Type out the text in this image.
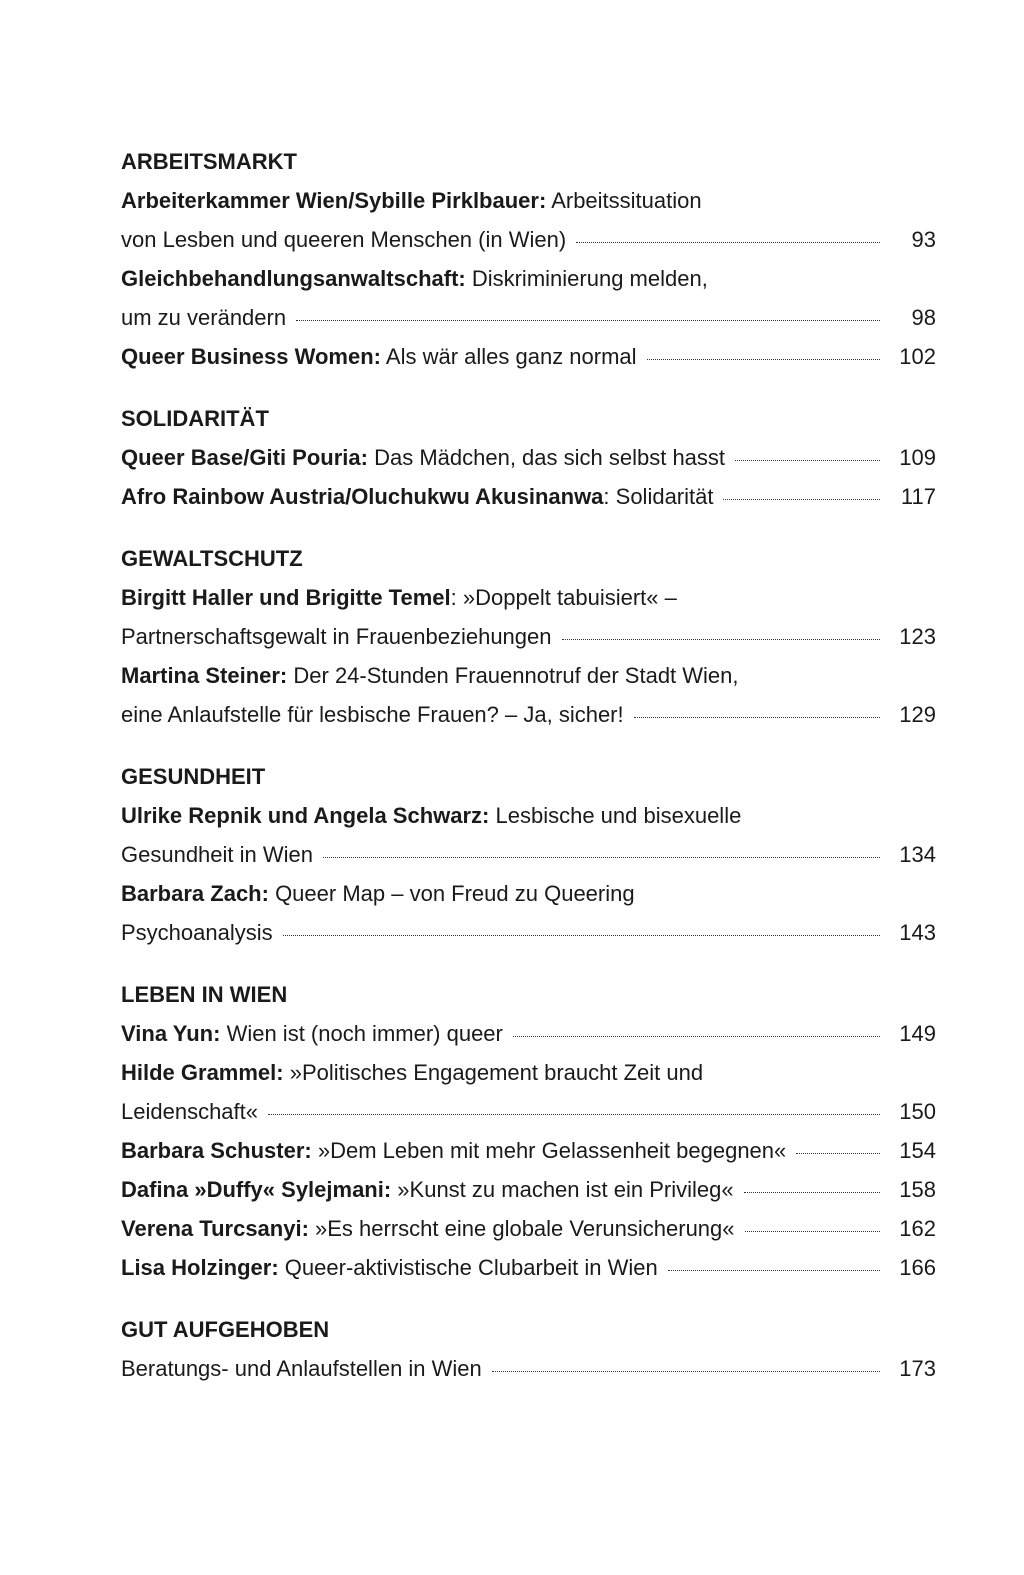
ARBEITSMARKT
Arbeiterkammer Wien/Sybille Pirklbauer: Arbeitssituation
von Lesben und queeren Menschen (in Wien)	93
Gleichbehandlungsanwaltschaft: Diskriminierung melden,
um zu verändern	98
Queer Business Women: Als wär alles ganz normal	102
SOLIDARITÄT
Queer Base/Giti Pouria: Das Mädchen, das sich selbst hasst	109
Afro Rainbow Austria/Oluchukwu Akusinanwa: Solidarität	117
GEWALTSCHUTZ
Birgitt Haller und Brigitte Temel: »Doppelt tabuisiert« –
Partnerschaftsgewalt in Frauenbeziehungen	123
Martina Steiner: Der 24-Stunden Frauennotruf der Stadt Wien,
eine Anlaufstelle für lesbische Frauen? – Ja, sicher!	129
GESUNDHEIT
Ulrike Repnik und Angela Schwarz: Lesbische und bisexuelle
Gesundheit in Wien	134
Barbara Zach: Queer Map – von Freud zu Queering
Psychoanalysis	143
LEBEN IN WIEN
Vina Yun: Wien ist (noch immer) queer	149
Hilde Grammel: »Politisches Engagement braucht Zeit und
Leidenschaft«	150
Barbara Schuster: »Dem Leben mit mehr Gelassenheit begegnen«	154
Dafina »Duffy« Sylejmani: »Kunst zu machen ist ein Privileg«	158
Verena Turcsanyi: »Es herrscht eine globale Verunsicherung«	162
Lisa Holzinger: Queer-aktivistische Clubarbeit in Wien	166
GUT AUFGEHOBEN
Beratungs- und Anlaufstellen in Wien	173
